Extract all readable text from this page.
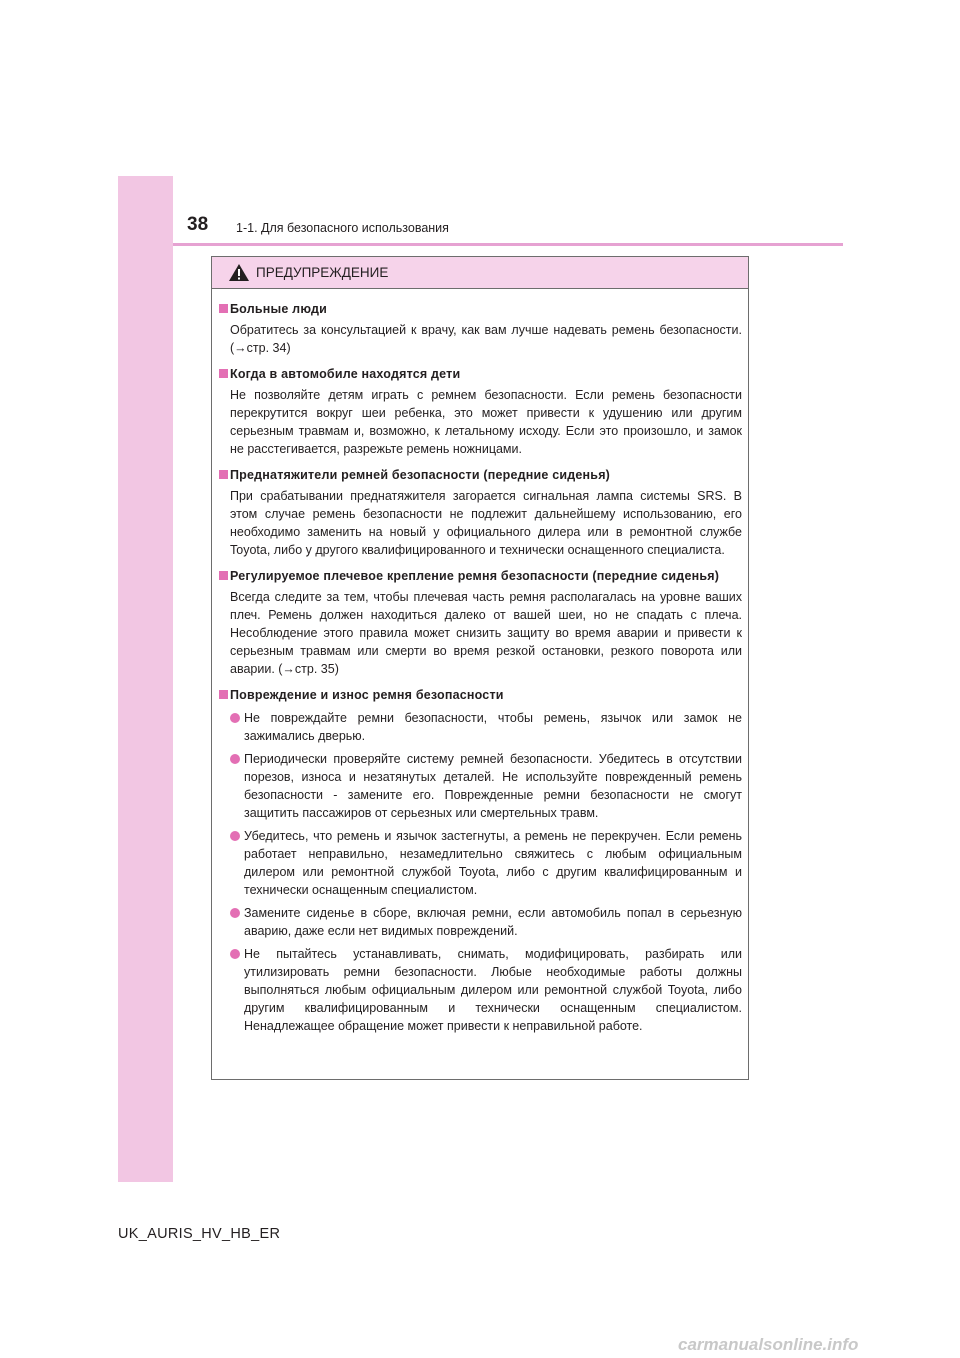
38 1-1. Для безопасного использования
ПРЕДУПРЕЖДЕНИЕ
Больные люди
Обратитесь за консультацией к врачу, как вам лучше надевать ремень безопасности. (→стр. 34)
Когда в автомобиле находятся дети
Не позволяйте детям играть с ремнем безопасности. Если ремень безопасности перекрутится вокруг шеи ребенка, это может привести к удушению или другим серьезным травмам и, возможно, к летальному исходу. Если это произошло, и замок не расстегивается, разрежьте ремень ножницами.
Преднатяжители ремней безопасности (передние сиденья)
При срабатывании преднатяжителя загорается сигнальная лампа системы SRS. В этом случае ремень безопасности не подлежит дальнейшему использованию, его необходимо заменить на новый у официального дилера или в ремонтной службе Toyota, либо у другого квалифицированного и технически оснащенного специалиста.
Регулируемое плечевое крепление ремня безопасности (передние сиденья)
Всегда следите за тем, чтобы плечевая часть ремня располагалась на уровне ваших плеч. Ремень должен находиться далеко от вашей шеи, но не спадать с плеча. Несоблюдение этого правила может снизить защиту во время аварии и привести к серьезным травмам или смерти во время резкой остановки, резкого поворота или аварии. (→стр. 35)
Повреждение и износ ремня безопасности
Не повреждайте ремни безопасности, чтобы ремень, язычок или замок не зажимались дверью.
Периодически проверяйте систему ремней безопасности. Убедитесь в отсутствии порезов, износа и незатянутых деталей. Не используйте поврежденный ремень безопасности - замените его. Поврежденные ремни безопасности не смогут защитить пассажиров от серьезных или смертельных травм.
Убедитесь, что ремень и язычок застегнуты, а ремень не перекручен. Если ремень работает неправильно, незамедлительно свяжитесь с любым официальным дилером или ремонтной службой Toyota, либо с другим квалифицированным и технически оснащенным специалистом.
Замените сиденье в сборе, включая ремни, если автомобиль попал в серьезную аварию, даже если нет видимых повреждений.
Не пытайтесь устанавливать, снимать, модифицировать, разбирать или утилизировать ремни безопасности. Любые необходимые работы должны выполняться любым официальным дилером или ремонтной службой Toyota, либо другим квалифицированным и технически оснащенным специалистом. Ненадлежащее обращение может привести к неправильной работе.
UK_AURIS_HV_HB_ER
carmanualsonline.info
